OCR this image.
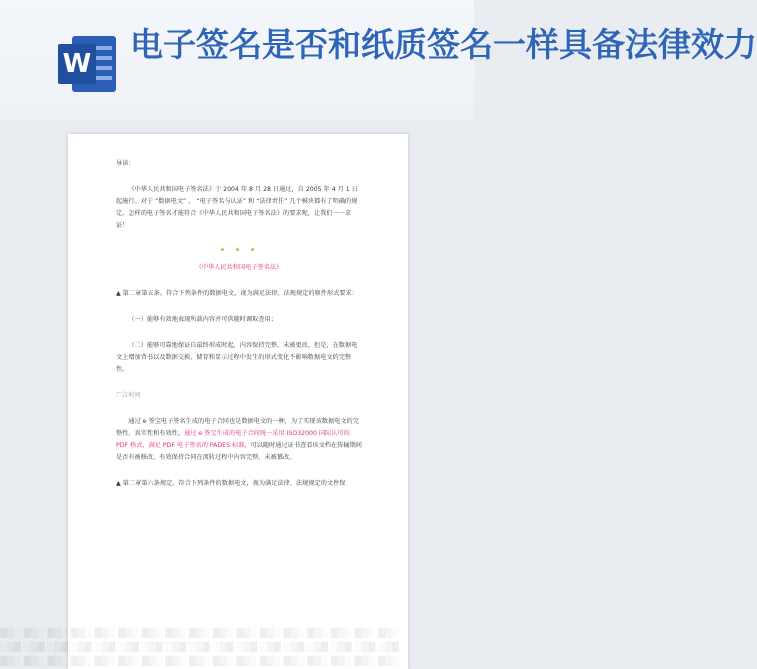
W 电子签名是否和纸质签名一样具备法律效力

导读：

《中华人民共和国电子签名法》于 2004 年 8 月 28 日通过，自 2005 年 4 月 1 日起施行。对于 “数据电文” 、 “电子签名与认证” 和 “法律责任” 几个模块都有了明确的规定。怎样的电子签名才能符合《中华人民共和国电子签名法》的要求呢，让我们一一求证！

• • •

《中华人民共和国电子签名法》

▲ 第二章第五条。符合下列条件的数据电文，视为满足法律、法规规定的原件形式要求：

（一）能够有效地表现所载内容并可供随时调取查用；

（二）能够可靠地保证自最终形成时起，内容保持完整、未被更改。但是，在数据电文上增加背书以及数据交换、储存和显示过程中发生的形式变化不影响数据电文的完整性。

广告时间

通过 e 签宝电子签名生成的电子合同也是数据电文的一种，为了实现该数据电文的完整性、真实性和有效性，通过 e 签宝生成的电子合同统一采用 ISO32000 国际认可的 PDF 格式、满足 PDF 电子签名的 PADES 标准，可以随时通过证书查看该文档在传输期间是否有被修改、有效保持合同在流转过程中内容完整、未被篡改。

▲ 第二章第六条规定。符合下列条件的数据电文，视为满足法律、法规规定的文件保

▓▒░ ▓▒░ ▓▒░
░▒▓ ░▒▓ ░▒▓
▓▒░ ▓▒░ ▓▒░
